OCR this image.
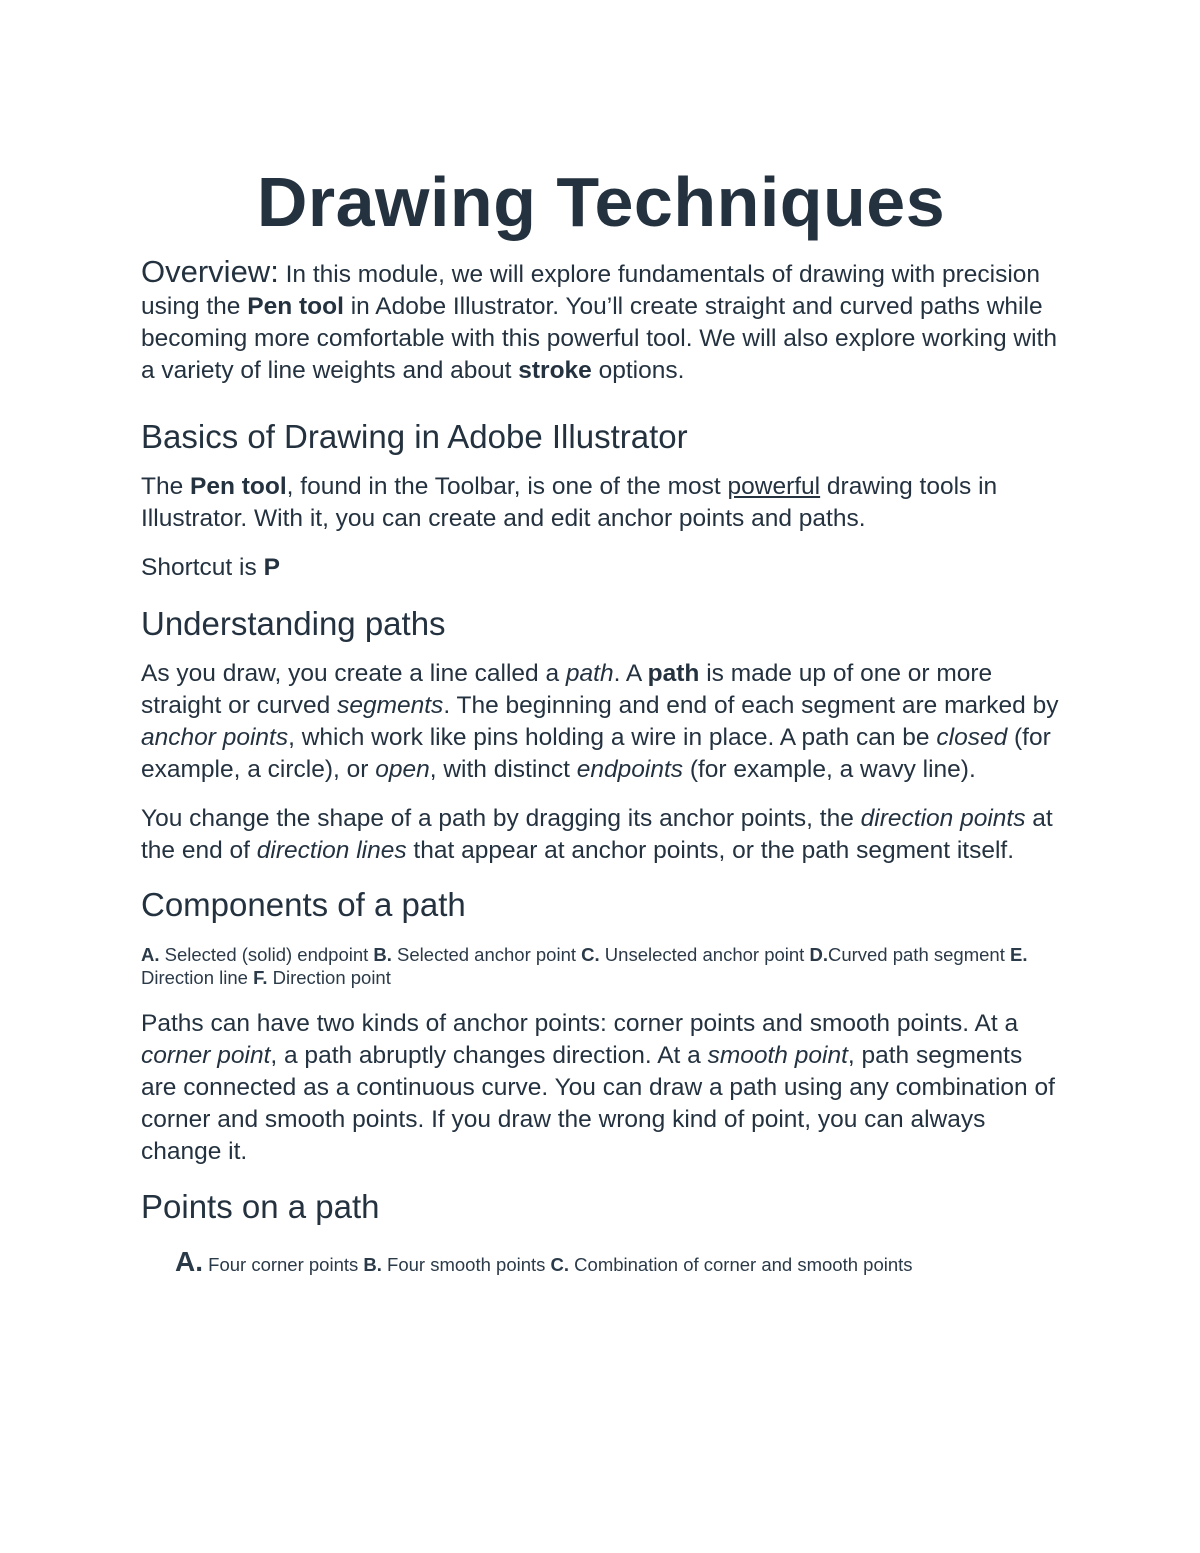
Drawing Techniques

Overview: In this module, we will explore fundamentals of drawing with precision using the Pen tool in Adobe Illustrator. You’ll create straight and curved paths while becoming more comfortable with this powerful tool. We will also explore working with a variety of line weights and about stroke options.

Basics of Drawing in Adobe Illustrator

The Pen tool, found in the Toolbar, is one of the most powerful drawing tools in Illustrator. With it, you can create and edit anchor points and paths.

Shortcut is P

Understanding paths

As you draw, you create a line called a path. A path is made up of one or more straight or curved segments. The beginning and end of each segment are marked by anchor points, which work like pins holding a wire in place. A path can be closed (for example, a circle), or open, with distinct endpoints (for example, a wavy line).

You change the shape of a path by dragging its anchor points, the direction points at the end of direction lines that appear at anchor points, or the path segment itself.

Components of a path

A. Selected (solid) endpoint B. Selected anchor point C. Unselected anchor point D.Curved path segment E. Direction line F. Direction point

Paths can have two kinds of anchor points: corner points and smooth points. At a corner point, a path abruptly changes direction. At a smooth point, path segments are connected as a continuous curve. You can draw a path using any combination of corner and smooth points. If you draw the wrong kind of point, you can always change it.

Points on a path

A. Four corner points B. Four smooth points C. Combination of corner and smooth points
